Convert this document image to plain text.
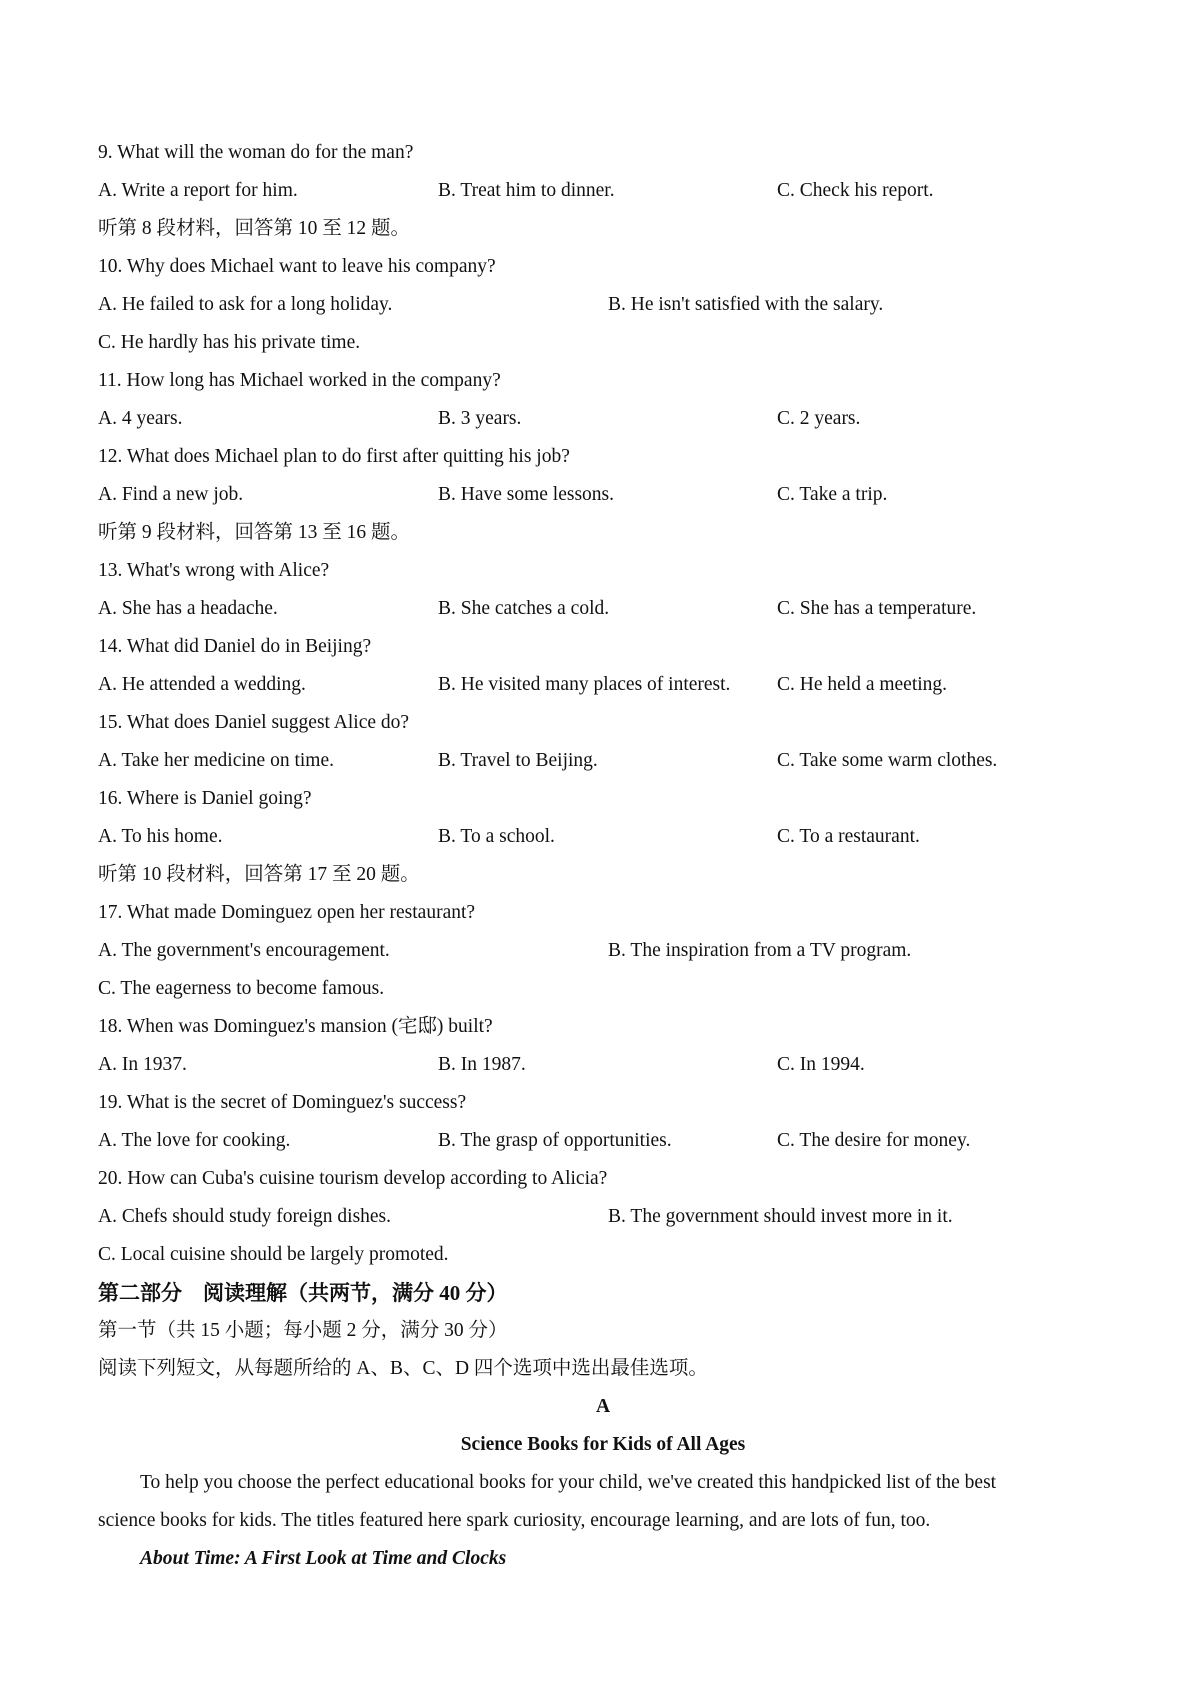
9. What will the woman do for the man?
A. Write a report for him.	B. Treat him to dinner.	C. Check his report.
听第 8 段材料，回答第 10 至 12 题。
10. Why does Michael want to leave his company?
A. He failed to ask for a long holiday.	B. He isn't satisfied with the salary.
C. He hardly has his private time.
11. How long has Michael worked in the company?
A. 4 years.	B. 3 years.	C. 2 years.
12. What does Michael plan to do first after quitting his job?
A. Find a new job.	B. Have some lessons.	C. Take a trip.
听第 9 段材料，回答第 13 至 16 题。
13. What's wrong with Alice?
A. She has a headache.	B. She catches a cold.	C. She has a temperature.
14. What did Daniel do in Beijing?
A. He attended a wedding.	B. He visited many places of interest. C. He held a meeting.
15. What does Daniel suggest Alice do?
A. Take her medicine on time.	B. Travel to Beijing.	C. Take some warm clothes.
16. Where is Daniel going?
A. To his home.	B. To a school.	C. To a restaurant.
听第 10 段材料，回答第 17 至 20 题。
17. What made Dominguez open her restaurant?
A. The government's encouragement.	B. The inspiration from a TV program.
C. The eagerness to become famous.
18. When was Dominguez's mansion (宅邸) built?
A. In 1937.	B. In 1987.	C. In 1994.
19. What is the secret of Dominguez's success?
A. The love for cooking.	B. The grasp of opportunities.	C. The desire for money.
20. How can Cuba's cuisine tourism develop according to Alicia?
A. Chefs should study foreign dishes.	B. The government should invest more in it.
C. Local cuisine should be largely promoted.
第二部分　阅读理解（共两节，满分 40 分）
第一节（共 15 小题；每小题 2 分，满分 30 分）
阅读下列短文，从每题所给的 A、B、C、D 四个选项中选出最佳选项。
A
Science Books for Kids of All Ages
To help you choose the perfect educational books for your child, we've created this handpicked list of the best
science books for kids. The titles featured here spark curiosity, encourage learning, and are lots of fun, too.
About Time: A First Look at Time and Clocks
